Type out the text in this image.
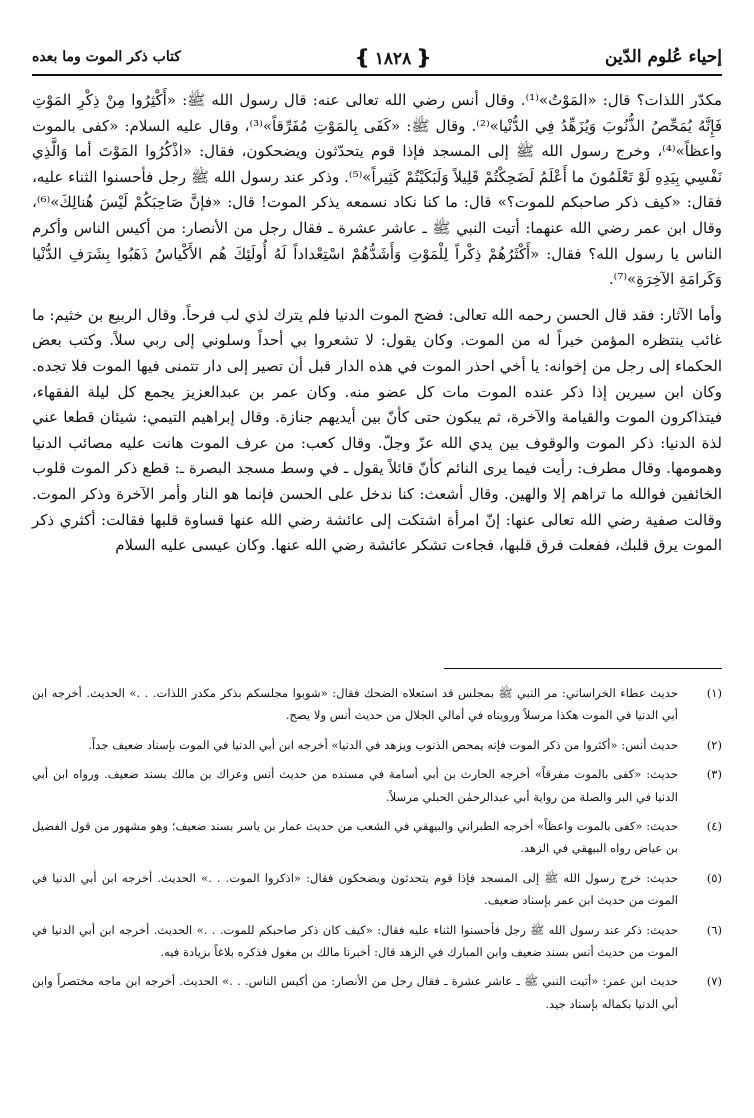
كتاب ذكر الموت وما بعده	❴ ١٨٢٨ ❵	إحياء عُلوم الدّين

مكدّر اللذات؟ قال: «المَوْتُ»⁽¹⁾. وقال أنس رضي الله تعالى عنه: قال رسول الله ﷺ: «أَكْثِرُوا مِنْ ذِكْرِ المَوْتِ فَإِنَّهُ يُمَحِّصُ الذُّنُوبَ وَيُزَهِّدُ فِي الدُّنْيا»⁽²⁾. وقال ﷺ: «كَفَى بِالمَوْتِ مُفَرِّقاً»⁽³⁾، وقال عليه السلام: «كفى بالموت واعظاً»⁽⁴⁾، وخرج رسول الله ﷺ إلى المسجد فإذا قوم يتحدّثون ويضحكون، فقال: «اذْكُرُوا المَوْتَ أما وَالَّذِي نَفْسِي بِيَدِهِ لَوْ تَعْلَمُونَ ما أَعْلَمُ لَضَحِكْتُمْ قَلِيلاً وَلَبَكَيْتُمْ كَثِيراً»⁽⁵⁾. وذكر عند رسول الله ﷺ رجل فأحسنوا الثناء عليه، فقال: «كيف ذكر صاحبكم للموت؟» قال: ما كنا نكاد نسمعه يذكر الموت! قال: «فإنَّ صَاحِبَكُمْ لَيْسَ هُنالِكَ»⁽⁶⁾، وقال ابن عمر رضي الله عنهما: أتيت النبي ﷺ ـ عاشر عشرة ـ فقال رجل من الأنصار: من أكيس الناس وأكرم الناس يا رسول الله؟ فقال: «أَكْثَرُهُمْ ذِكْراً لِلْمَوْتِ وَأَشَدُّهُمْ اسْتِعْداداً لَهُ أُولَئِكَ هُم الأَكْياسُ ذَهَبُوا بِشَرَفِ الدُّنْيا وَكَرامَةِ الآخِرَةِ»⁽⁷⁾.

وأما الآثار: فقد قال الحسن رحمه الله تعالى: فضح الموت الدنيا فلم يترك لذي لب فرحاً. وقال الربيع بن خثيم: ما غائب ينتظره المؤمن خيراً له من الموت. وكان يقول: لا تشعروا بي أحداً وسلوني إلى ربي سلاً. وكتب بعض الحكماء إلى رجل من إخوانه: يا أخي احذر الموت في هذه الدار قبل أن تصير إلى دار تتمنى فيها الموت فلا تجده. وكان ابن سيرين إذا ذكر عنده الموت مات كل عضو منه. وكان عمر بن عبدالعزيز يجمع كل ليلة الفقهاء، فيتذاكرون الموت والقيامة والآخرة، ثم يبكون حتى كأنّ بين أيديهم جنازة. وقال إبراهيم التيمي: شيئان قطعا عني لذة الدنيا: ذكر الموت والوقوف بين يدي الله عزّ وجلّ. وقال كعب: من عرف الموت هانت عليه مصائب الدنيا وهمومها. وقال مطرف: رأيت فيما يرى النائم كأنّ قائلاً يقول ـ في وسط مسجد البصرة ـ: قطع ذكر الموت قلوب الخائفين فوالله ما تراهم إلا والهين. وقال أشعث: كنا ندخل على الحسن فإنما هو النار وأمر الآخرة وذكر الموت. وقالت صفية رضي الله تعالى عنها: إنّ امرأة اشتكت إلى عائشة رضي الله عنها قساوة قلبها فقالت: أكثري ذكر الموت يرق قلبك، ففعلت فرق قلبها، فجاءت تشكر عائشة رضي الله عنها. وكان عيسى عليه السلام

(١)
حديث عطاء الخراساني: مر النبي ﷺ بمجلس قد استعلاه الضحك فقال: «شوبوا مجلسكم بذكر مكدر اللذات. . .» الحديث. أخرجه ابن أبي الدنيا في الموت هكذا مرسلاً ورويناه في أمالي الجلال من حديث أنس ولا يصح.
(٢)
حديث أنس: «أكثروا من ذكر الموت فإنه يمحص الذنوب ويزهد في الدنيا» أخرجه ابن أبي الدنيا في الموت بإسناد ضعيف جداً.
(٣)
حديث: «كفى بالموت مفرقاً» أخرجه الحارث بن أبي أسامة في مسنده من حديث أنس وعراك بن مالك بسند ضعيف. ورواه ابن أبي الدنيا في البر والصلة من رواية أبي عبدالرحمٰن الحبلي مرسلاً.
(٤)
حديث: «كفى بالموت واعظاً» أخرجه الطبراني والبيهقي في الشعب من حديث عمار بن ياسر بسند ضعيف؛ وهو مشهور من قول الفضيل بن عياض رواه البيهقي في الزهد.
(٥)
حديث: خرج رسول الله ﷺ إلى المسجد فإذا قوم يتحدثون ويضحكون فقال: «اذكروا الموت. . .» الحديث. أخرجه ابن أبي الدنيا في الموت من حديث ابن عمر بإسناد ضعيف.
(٦)
حديث: ذكر عند رسول الله ﷺ رجل فأحسنوا الثناء عليه فقال: «كيف كان ذكر صاحبكم للموت. . .» الحديث. أخرجه ابن أبي الدنيا في الموت من حديث أنس بسند ضعيف وابن المبارك في الزهد قال: أخبرنا مالك بن مغول فذكره بلاغاً بزيادة فيه.
(٧)
حديث ابن عمر: «أتيت النبي ﷺ ـ عاشر عشرة ـ فقال رجل من الأنصار: من أكيس الناس. . .» الحديث. أخرجه ابن ماجه مختصراً وابن أبي الدنيا بكماله بإسناد جيد.
